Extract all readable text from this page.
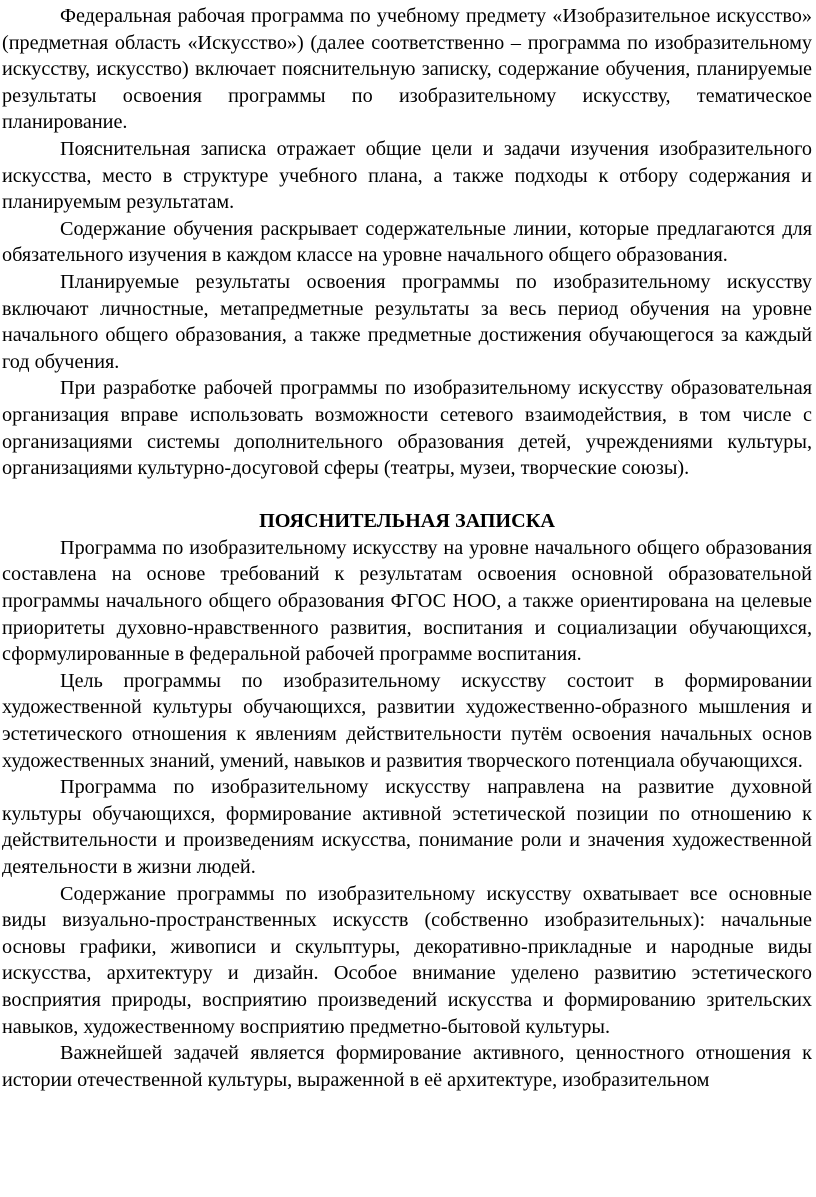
Федеральная рабочая программа по учебному предмету «Изобразительное искусство» (предметная область «Искусство») (далее соответственно – программа по изобразительному искусству, искусство) включает пояснительную записку, содержание обучения, планируемые результаты освоения программы по изобразительному искусству, тематическое планирование.

Пояснительная записка отражает общие цели и задачи изучения изобразительного искусства, место в структуре учебного плана, а также подходы к отбору содержания и планируемым результатам.

Содержание обучения раскрывает содержательные линии, которые предлагаются для обязательного изучения в каждом классе на уровне начального общего образования.

Планируемые результаты освоения программы по изобразительному искусству включают личностные, метапредметные результаты за весь период обучения на уровне начального общего образования, а также предметные достижения обучающегося за каждый год обучения.

При разработке рабочей программы по изобразительному искусству образовательная организация вправе использовать возможности сетевого взаимодействия, в том числе с организациями системы дополнительного образования детей, учреждениями культуры, организациями культурно-досуговой сферы (театры, музеи, творческие союзы).

ПОЯСНИТЕЛЬНАЯ ЗАПИСКА

Программа по изобразительному искусству на уровне начального общего образования составлена на основе требований к результатам освоения основной образовательной программы начального общего образования ФГОС НОО, а также ориентирована на целевые приоритеты духовно-нравственного развития, воспитания и социализации обучающихся, сформулированные в федеральной рабочей программе воспитания.

Цель программы по изобразительному искусству состоит в формировании художественной культуры обучающихся, развитии художественно-образного мышления и эстетического отношения к явлениям действительности путём освоения начальных основ художественных знаний, умений, навыков и развития творческого потенциала обучающихся.

Программа по изобразительному искусству направлена на развитие духовной культуры обучающихся, формирование активной эстетической позиции по отношению к действительности и произведениям искусства, понимание роли и значения художественной деятельности в жизни людей.

Содержание программы по изобразительному искусству охватывает все основные виды визуально-пространственных искусств (собственно изобразительных): начальные основы графики, живописи и скульптуры, декоративно-прикладные и народные виды искусства, архитектуру и дизайн. Особое внимание уделено развитию эстетического восприятия природы, восприятию произведений искусства и формированию зрительских навыков, художественному восприятию предметно-бытовой культуры.

Важнейшей задачей является формирование активного, ценностного отношения к истории отечественной культуры, выраженной в её архитектуре, изобразительном
